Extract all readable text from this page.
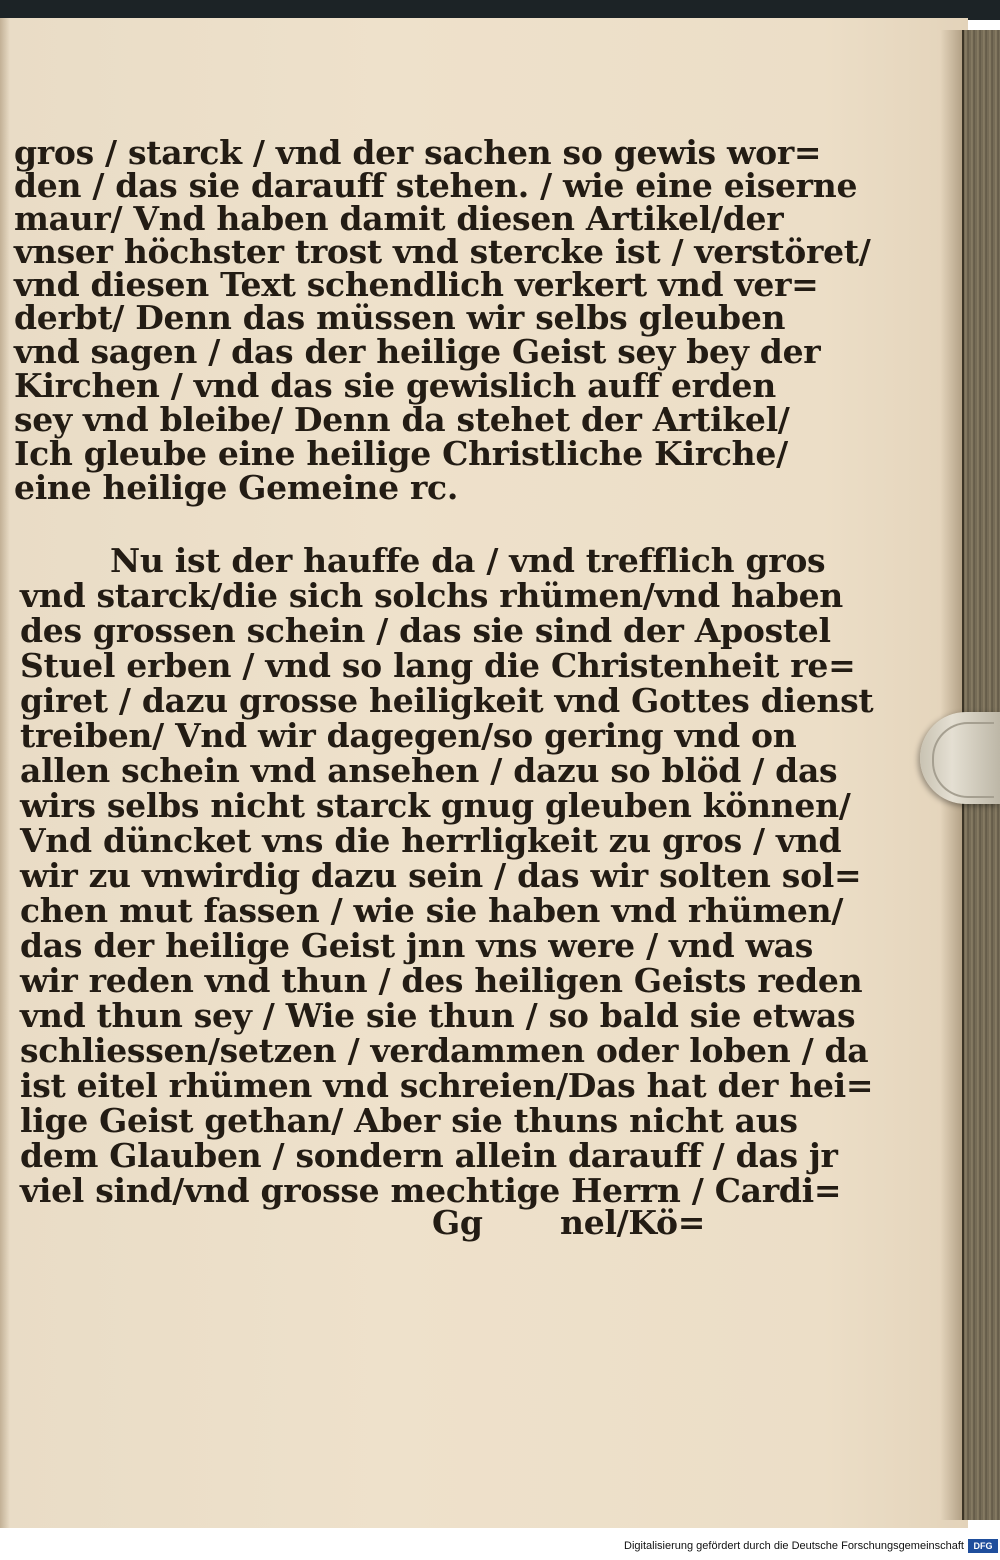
gros / starck / vnd der sachen so gewis wor=
den / das sie darauff stehen. / wie eine eiserne
maur/ Vnd haben damit diesen Artikel/der
vnser höchster trost vnd stercke ist / verstöret/
vnd diesen Text schendlich verkert vnd ver=
derbt/ Denn das müssen wir selbs gleuben
vnd sagen / das der heilige Geist sey bey der
Kirchen / vnd das sie gewislich auff erden
sey vnd bleibe/ Denn da stehet der Artikel/
Ich gleube eine heilige Christliche Kirche/
eine heilige Gemeine rc.
Nu ist der hauffe da / vnd trefflich gros
vnd starck/die sich solchs rhümen/vnd haben
des grossen schein / das sie sind der Apostel
Stuel erben / vnd so lang die Christenheit re=
giret / dazu grosse heiligkeit vnd Gottes dienst
treiben/ Vnd wir dagegen/so gering vnd on
allen schein vnd ansehen / dazu so blöd / das
wirs selbs nicht starck gnug gleuben können/
Vnd düncket vns die herrligkeit zu gros / vnd
wir zu vnwirdig dazu sein / das wir solten sol=
chen mut fassen / wie sie haben vnd rhümen/
das der heilige Geist jnn vns were / vnd was
wir reden vnd thun / des heiligen Geists reden
vnd thun sey / Wie sie thun / so bald sie etwas
schliessen/setzen / verdammen oder loben / da
ist eitel rhümen vnd schreien/Das hat der hei=
lige Geist gethan/ Aber sie thuns nicht aus
dem Glauben / sondern allein darauff / das jr
viel sind/vnd grosse mechtige Herrn / Cardi=
Gg nel/Kö=
Digitalisierung gefördert durch die Deutsche Forschungsgemeinschaft	DFG
